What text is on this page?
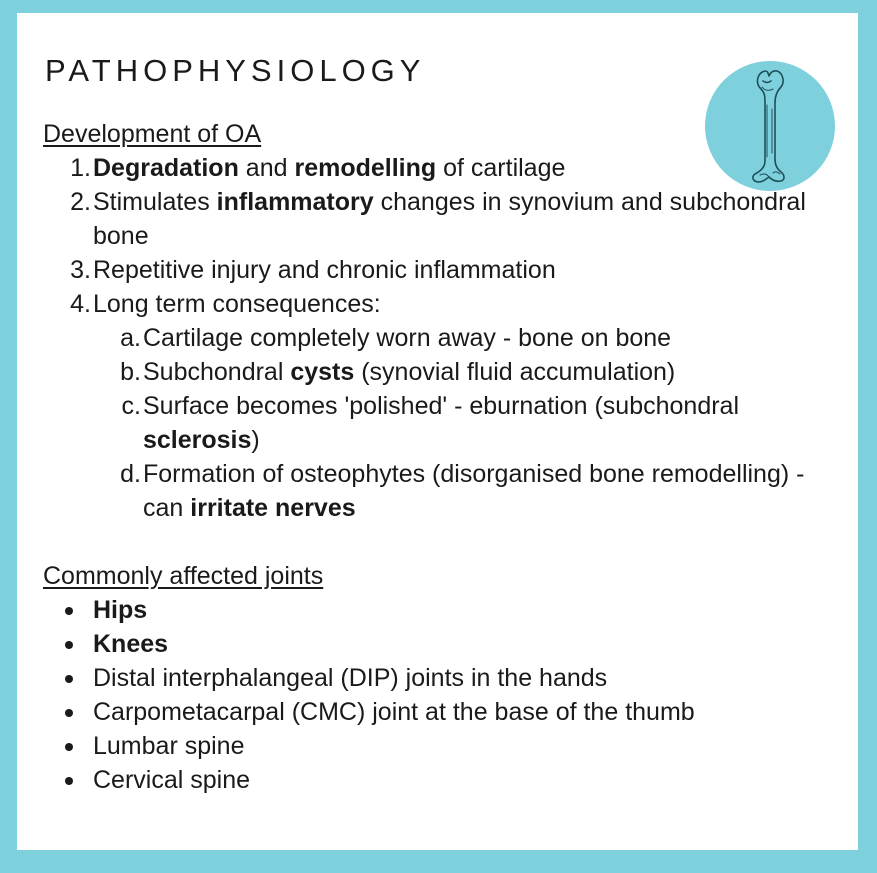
PATHOPHYSIOLOGY
Development of OA
1. Degradation and remodelling of cartilage
2. Stimulates inflammatory changes in synovium and subchondral bone
3. Repetitive injury and chronic inflammation
4. Long term consequences:
a. Cartilage completely worn away - bone on bone
b. Subchondral cysts (synovial fluid accumulation)
c. Surface becomes 'polished' - eburnation (subchondral sclerosis)
d. Formation of osteophytes (disorganised bone remodelling) - can irritate nerves
Commonly affected joints
Hips
Knees
Distal interphalangeal (DIP) joints in the hands
Carpometacarpal (CMC) joint at the base of the thumb
Lumbar spine
Cervical spine
